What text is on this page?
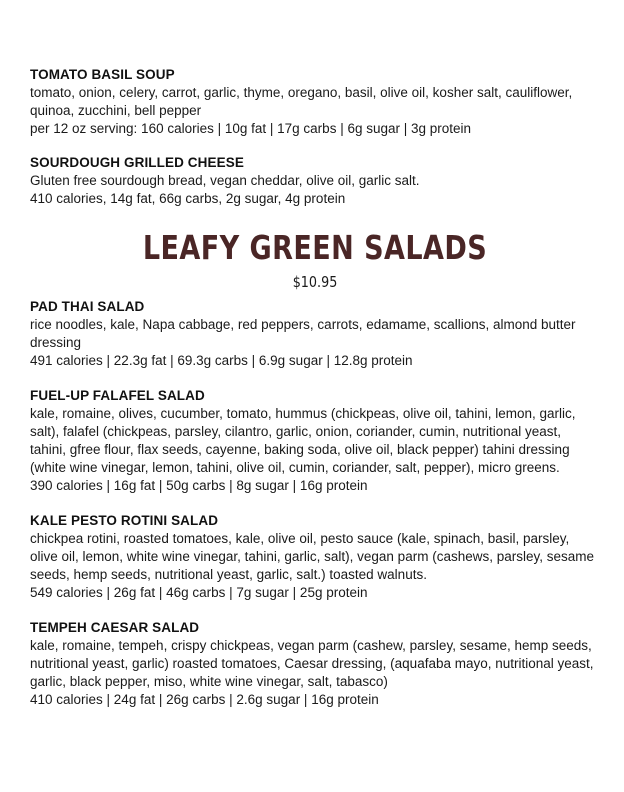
TOMATO BASIL SOUP
tomato, onion, celery, carrot, garlic, thyme, oregano, basil, olive oil, kosher salt, cauliflower, quinoa, zucchini, bell pepper
per 12 oz serving: 160 calories | 10g fat | 17g carbs | 6g sugar | 3g protein
SOURDOUGH GRILLED CHEESE
Gluten free sourdough bread, vegan cheddar, olive oil, garlic salt.
410 calories, 14g fat, 66g carbs, 2g sugar, 4g protein
LEAFY GREEN SALADS
$10.95
PAD THAI SALAD
rice noodles, kale, Napa cabbage, red peppers, carrots, edamame, scallions, almond butter dressing
491 calories | 22.3g fat | 69.3g carbs | 6.9g sugar | 12.8g protein
FUEL-UP FALAFEL SALAD
kale, romaine, olives, cucumber, tomato, hummus (chickpeas, olive oil, tahini, lemon, garlic, salt), falafel (chickpeas, parsley, cilantro, garlic, onion, coriander, cumin, nutritional yeast, tahini, gfree flour, flax seeds, cayenne, baking soda, olive oil, black pepper) tahini dressing (white wine vinegar, lemon, tahini, olive oil, cumin, coriander, salt, pepper), micro greens.
390 calories | 16g fat | 50g carbs | 8g sugar | 16g protein
KALE PESTO ROTINI SALAD
chickpea rotini, roasted tomatoes, kale, olive oil, pesto sauce (kale, spinach, basil, parsley, olive oil, lemon, white wine vinegar, tahini, garlic, salt), vegan parm (cashews, parsley, sesame seeds, hemp seeds, nutritional yeast, garlic, salt.) toasted walnuts.
549 calories | 26g fat | 46g carbs | 7g sugar | 25g protein
TEMPEH CAESAR SALAD
kale, romaine, tempeh, crispy chickpeas, vegan parm (cashew, parsley, sesame, hemp seeds, nutritional yeast, garlic) roasted tomatoes, Caesar dressing, (aquafaba mayo, nutritional yeast, garlic, black pepper, miso, white wine vinegar, salt, tabasco)
410 calories | 24g fat | 26g carbs | 2.6g sugar | 16g protein
